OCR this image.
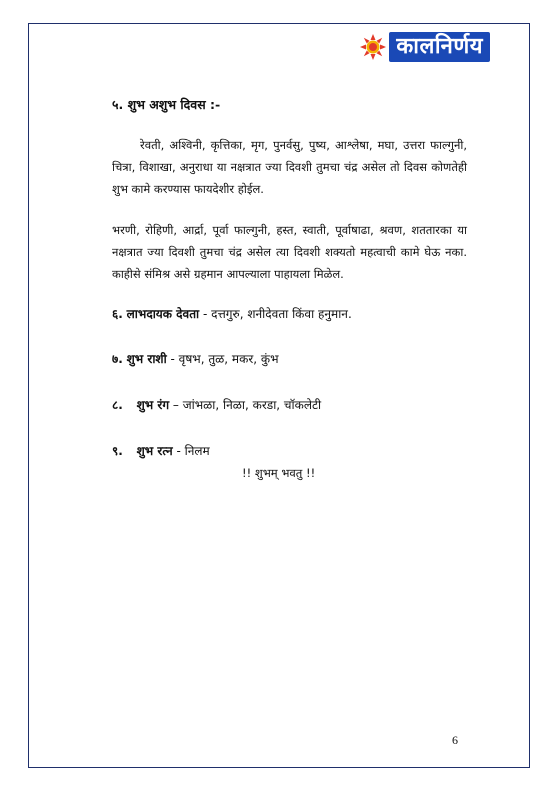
कालनिर्णय
५. शुभ अशुभ दिवस :-
रेवती, अश्विनी, कृत्तिका, मृग, पुनर्वसु, पुष्य, आश्लेषा, मघा, उत्तरा फाल्गुनी, चित्रा, विशाखा, अनुराधा या नक्षत्रात ज्या दिवशी तुमचा चंद्र असेल तो दिवस कोणतेही शुभ कामे करण्यास फायदेशीर होईल.
भरणी, रोहिणी, आर्द्रा, पूर्वा फाल्गुनी, हस्त, स्वाती, पूर्वाषाढा, श्रवण, शततारका या नक्षत्रात ज्या दिवशी तुमचा चंद्र असेल त्या दिवशी शक्यतो महत्वाची कामे घेऊ नका. काहीसे संमिश्र असे ग्रहमान आपल्याला पाहायला मिळेल.
६. लाभदायक देवता - दत्तगुरु, शनीदेवता किंवा हनुमान.
७. शुभ राशी - वृषभ, तुळ, मकर, कुंभ
८. शुभ रंग – जांभळा, निळा, करडा, चॉकलेटी
९. शुभ रत्न - निलम
!! शुभम् भवतु !!
6
